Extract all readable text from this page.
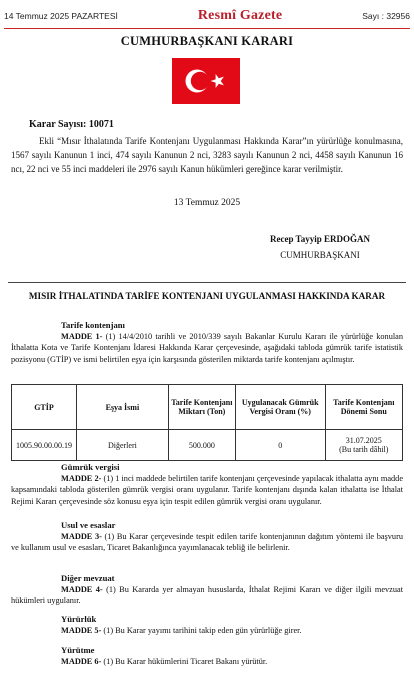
14 Temmuz 2025 PAZARTESİ	Resmî Gazete	Sayı : 32956
CUMHURBAŞKANI KARARI
Karar Sayısı: 10071

Ekli “Mısır İthalatında Tarife Kontenjanı Uygulanması Hakkında Karar”ın yürürlüğe konulmasına, 1567 sayılı Kanunun 1 inci, 474 sayılı Kanunun 2 nci, 3283 sayılı Kanunun 2 nci, 4458 sayılı Kanunun 16 ncı, 22 nci ve 55 inci maddeleri ile 2976 sayılı Kanun hükümleri gereğince karar verilmiştir.

13 Temmuz 2025
Recep Tayyip ERDOĞAN
CUMHURBAŞKANI
MISIR İTHALATINDA TARİFE KONTENJANI UYGULANMASI HAKKINDA KARAR

Tarife kontenjanı

MADDE 1- (1) 14/4/2010 tarihli ve 2010/339 sayılı Bakanlar Kurulu Kararı ile yürürlüğe konulan İthalatta Kota ve Tarife Kontenjanı İdaresi Hakkında Karar çerçevesinde, aşağıdaki tabloda gümrük tarife istatistik pozisyonu (GTİP) ve ismi belirtilen eşya için karşısında gösterilen miktarda tarife kontenjanı açılmıştır.

GTİP	Eşya İsmi	Tarife Kontenjanı Miktarı (Ton)	Uygulanacak Gümrük Vergisi Oranı (%)	Tarife Kontenjanı Dönemi Sonu
1005.90.00.00.19	Diğerleri	500.000	0	31.07.2025
(Bu tarih dâhil)

Gümrük vergisi

MADDE 2- (1) 1 inci maddede belirtilen tarife kontenjanı çerçevesinde yapılacak ithalatta aynı madde kapsamındaki tabloda gösterilen gümrük vergisi oranı uygulanır. Tarife kontenjanı dışında kalan ithalatta ise İthalat Rejimi Kararı çerçevesinde söz konusu eşya için tespit edilen gümrük vergisi oranı uygulanır.

Usul ve esaslar

MADDE 3- (1) Bu Karar çerçevesinde tespit edilen tarife kontenjanının dağıtım yöntemi ile başvuru ve kullanım usul ve esasları, Ticaret Bakanlığınca yayımlanacak tebliğ ile belirlenir.

Diğer mevzuat

MADDE 4- (1) Bu Kararda yer almayan hususlarda, İthalat Rejimi Kararı ve diğer ilgili mevzuat hükümleri uygulanır.

Yürürlük

MADDE 5- (1) Bu Karar yayımı tarihini takip eden gün yürürlüğe girer.

Yürütme

MADDE 6- (1) Bu Karar hükümlerini Ticaret Bakanı yürütür.
